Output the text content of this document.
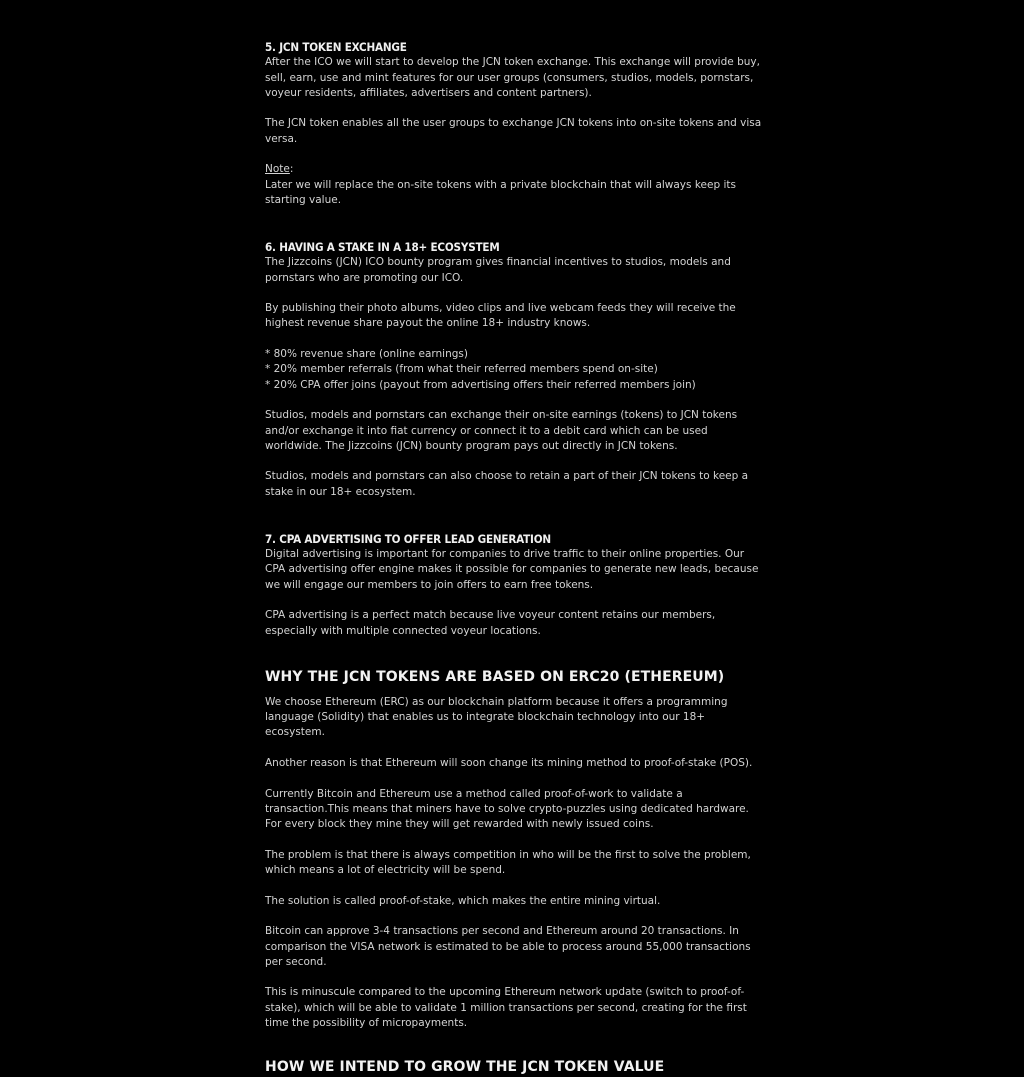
5. JCN TOKEN EXCHANGE

After the ICO we will start to develop the JCN token exchange. This exchange will provide buy, sell, earn, use and mint features for our user groups (consumers, studios, models, pornstars, voyeur residents, affiliates, advertisers and content partners).

The JCN token enables all the user groups to exchange JCN tokens into on-site tokens and visa versa.

Note:
Later we will replace the on-site tokens with a private blockchain that will always keep its starting value.

6. HAVING A STAKE IN A 18+ ECOSYSTEM

The Jizzcoins (JCN) ICO bounty program gives financial incentives to studios, models and pornstars who are promoting our ICO.

By publishing their photo albums, video clips and live webcam feeds they will receive the highest revenue share payout the online 18+ industry knows.

* 80% revenue share (online earnings)
* 20% member referrals (from what their referred members spend on-site)
* 20% CPA offer joins (payout from advertising offers their referred members join)

Studios, models and pornstars can exchange their on-site earnings (tokens) to JCN tokens and/or exchange it into fiat currency or connect it to a debit card which can be used worldwide. The Jizzcoins (JCN) bounty program pays out directly in JCN tokens.

Studios, models and pornstars can also choose to retain a part of their JCN tokens to keep a stake in our 18+ ecosystem.

7. CPA ADVERTISING TO OFFER LEAD GENERATION

Digital advertising is important for companies to drive traffic to their online properties. Our CPA advertising offer engine makes it possible for companies to generate new leads, because we will engage our members to join offers to earn free tokens.

CPA advertising is a perfect match because live voyeur content retains our members, especially with multiple connected voyeur locations.

WHY THE JCN TOKENS ARE BASED ON ERC20 (ETHEREUM)

We choose Ethereum (ERC) as our blockchain platform because it offers a programming language (Solidity) that enables us to integrate blockchain technology into our 18+ ecosystem.

Another reason is that Ethereum will soon change its mining method to proof-of-stake (POS).

Currently Bitcoin and Ethereum use a method called proof-of-work to validate a transaction.This means that miners have to solve crypto-puzzles using dedicated hardware. For every block they mine they will get rewarded with newly issued coins.

The problem is that there is always competition in who will be the first to solve the problem, which means a lot of electricity will be spend.

The solution is called proof-of-stake, which makes the entire mining virtual.

Bitcoin can approve 3-4 transactions per second and Ethereum around 20 transactions. In comparison the VISA network is estimated to be able to process around 55,000 transactions per second.

This is minuscule compared to the upcoming Ethereum network update (switch to proof-of-stake), which will be able to validate 1 million transactions per second, creating for the first time the possibility of micropayments.

HOW WE INTEND TO GROW THE JCN TOKEN VALUE
